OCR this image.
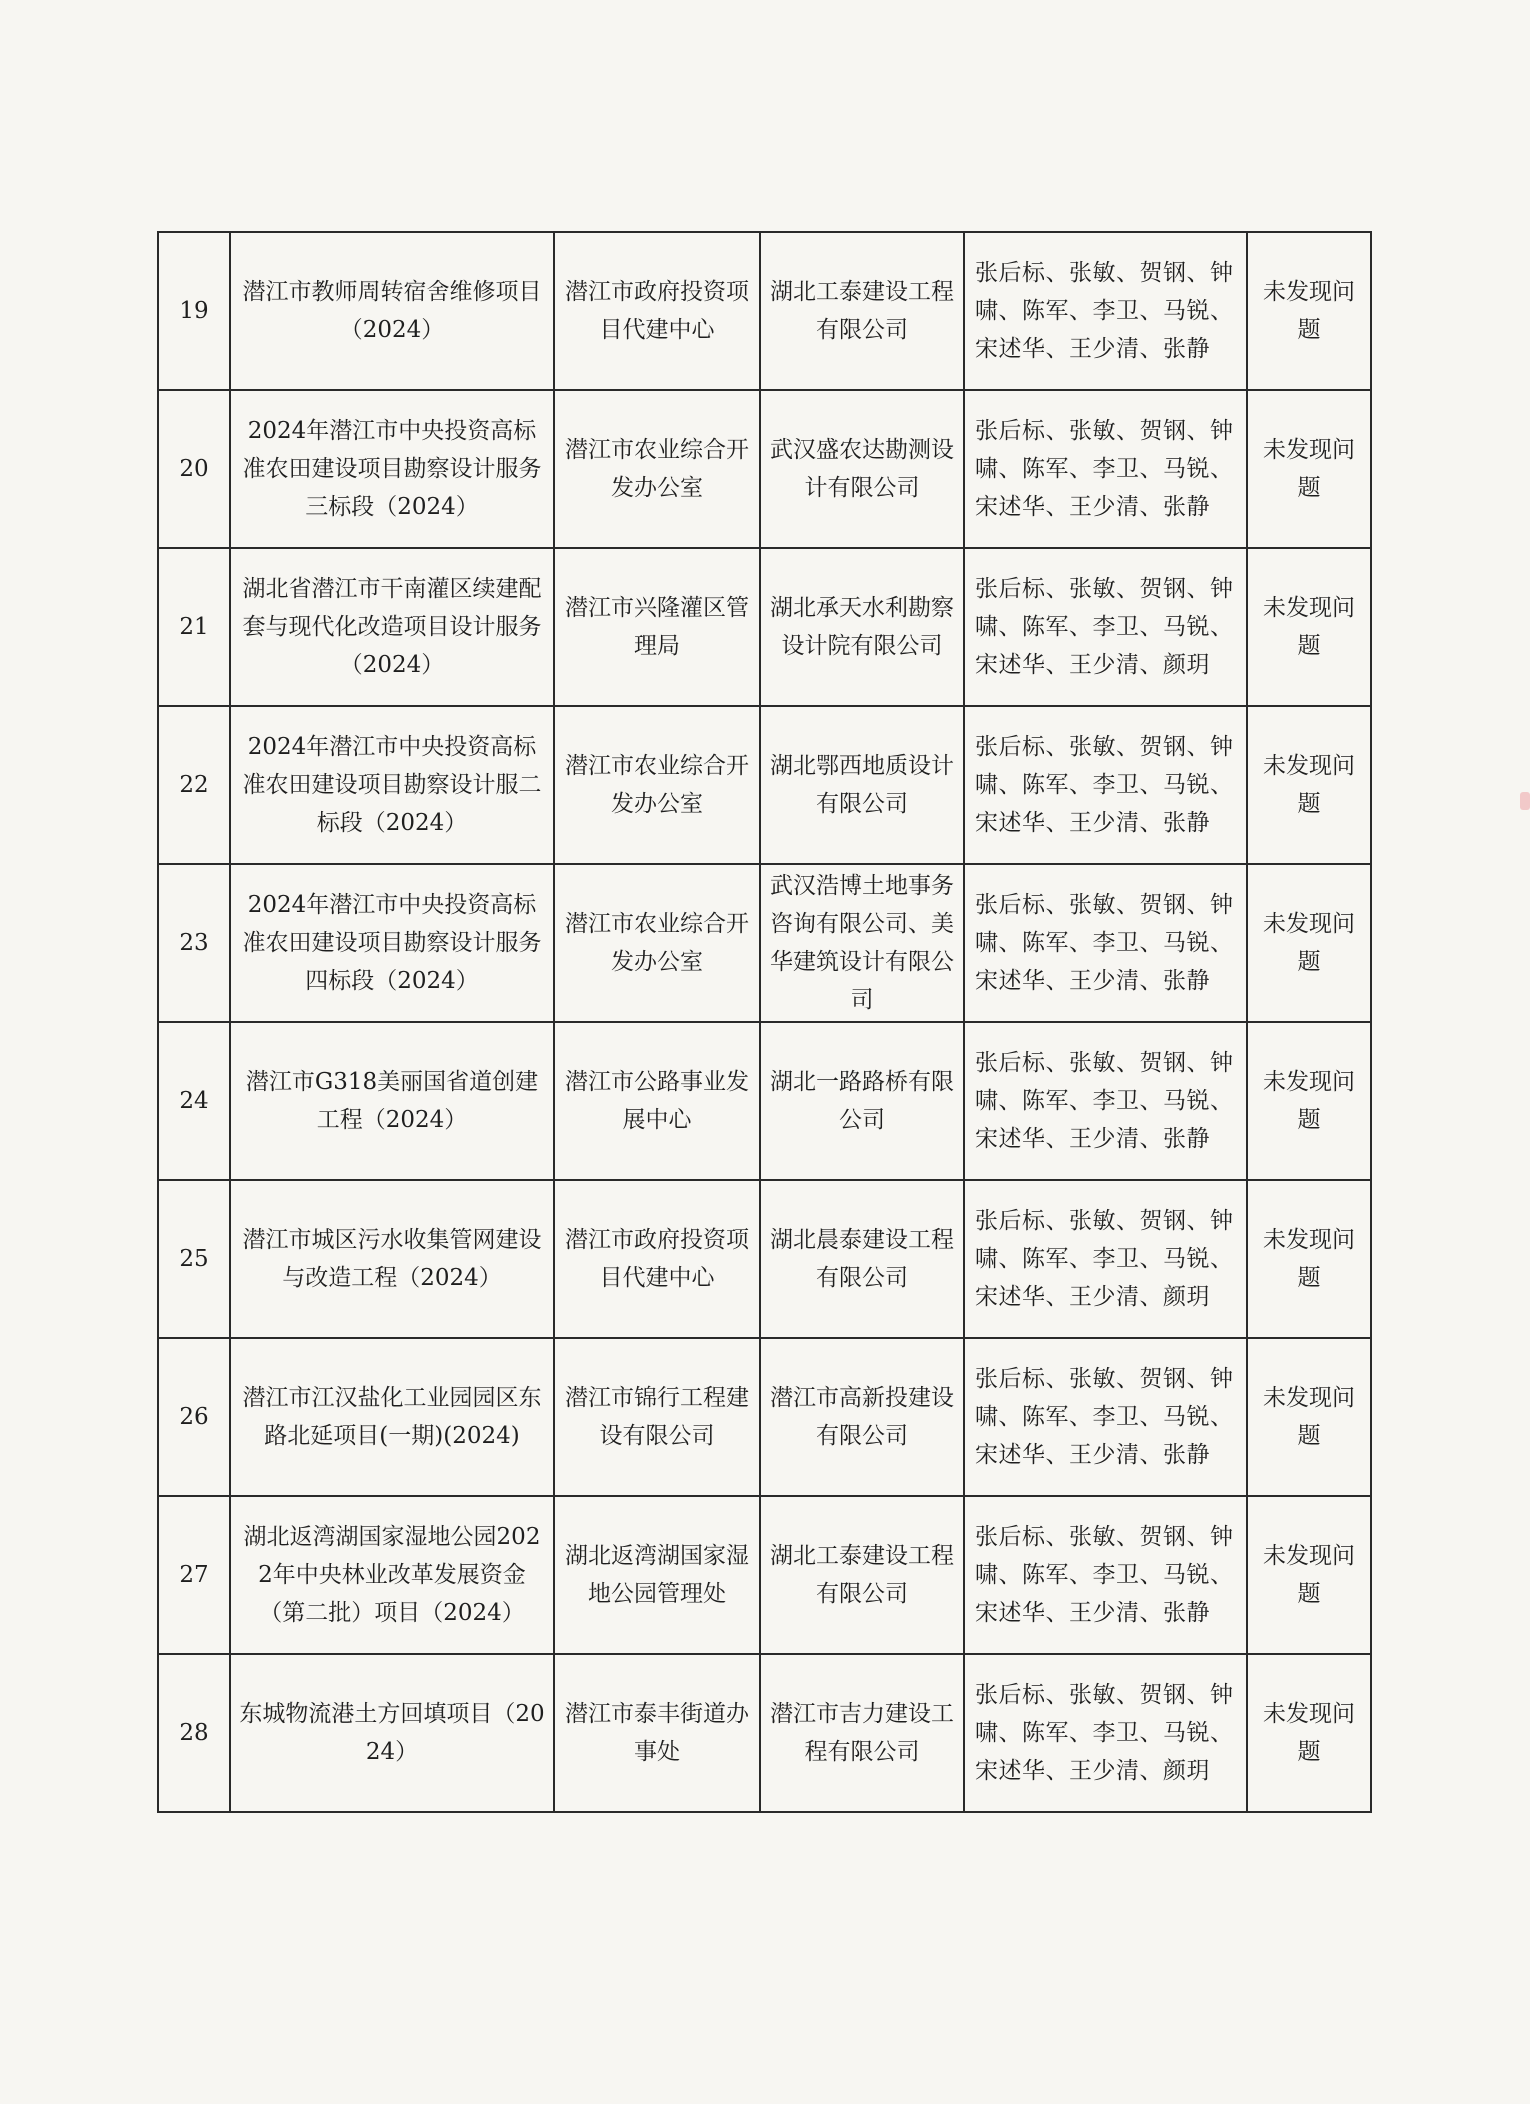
19	潜江市教师周转宿舍维修项目（2024）	潜江市政府投资项目代建中心	湖北工泰建设工程有限公司	张后标、张敏、贺钢、钟啸、陈军、李卫、马锐、宋述华、王少清、张静	未发现问题
20	2024年潜江市中央投资高标准农田建设项目勘察设计服务三标段（2024）	潜江市农业综合开发办公室	武汉盛农达勘测设计有限公司	张后标、张敏、贺钢、钟啸、陈军、李卫、马锐、宋述华、王少清、张静	未发现问题
21	湖北省潜江市干南灌区续建配套与现代化改造项目设计服务（2024）	潜江市兴隆灌区管理局	湖北承天水利勘察设计院有限公司	张后标、张敏、贺钢、钟啸、陈军、李卫、马锐、宋述华、王少清、颜玥	未发现问题
22	2024年潜江市中央投资高标准农田建设项目勘察设计服二标段（2024）	潜江市农业综合开发办公室	湖北鄂西地质设计有限公司	张后标、张敏、贺钢、钟啸、陈军、李卫、马锐、宋述华、王少清、张静	未发现问题
23	2024年潜江市中央投资高标准农田建设项目勘察设计服务四标段（2024）	潜江市农业综合开发办公室	武汉浩博土地事务咨询有限公司、美华建筑设计有限公司	张后标、张敏、贺钢、钟啸、陈军、李卫、马锐、宋述华、王少清、张静	未发现问题
24	潜江市G318美丽国省道创建工程（2024）	潜江市公路事业发展中心	湖北一路路桥有限公司	张后标、张敏、贺钢、钟啸、陈军、李卫、马锐、宋述华、王少清、张静	未发现问题
25	潜江市城区污水收集管网建设与改造工程（2024）	潜江市政府投资项目代建中心	湖北晨泰建设工程有限公司	张后标、张敏、贺钢、钟啸、陈军、李卫、马锐、宋述华、王少清、颜玥	未发现问题
26	潜江市江汉盐化工业园园区东路北延项目(一期)(2024)	潜江市锦行工程建设有限公司	潜江市高新投建设有限公司	张后标、张敏、贺钢、钟啸、陈军、李卫、马锐、宋述华、王少清、张静	未发现问题
27	湖北返湾湖国家湿地公园2022年中央林业改革发展资金（第二批）项目（2024）	湖北返湾湖国家湿地公园管理处	湖北工泰建设工程有限公司	张后标、张敏、贺钢、钟啸、陈军、李卫、马锐、宋述华、王少清、张静	未发现问题
28	东城物流港土方回填项目（2024）	潜江市泰丰街道办事处	潜江市吉力建设工程有限公司	张后标、张敏、贺钢、钟啸、陈军、李卫、马锐、宋述华、王少清、颜玥	未发现问题
